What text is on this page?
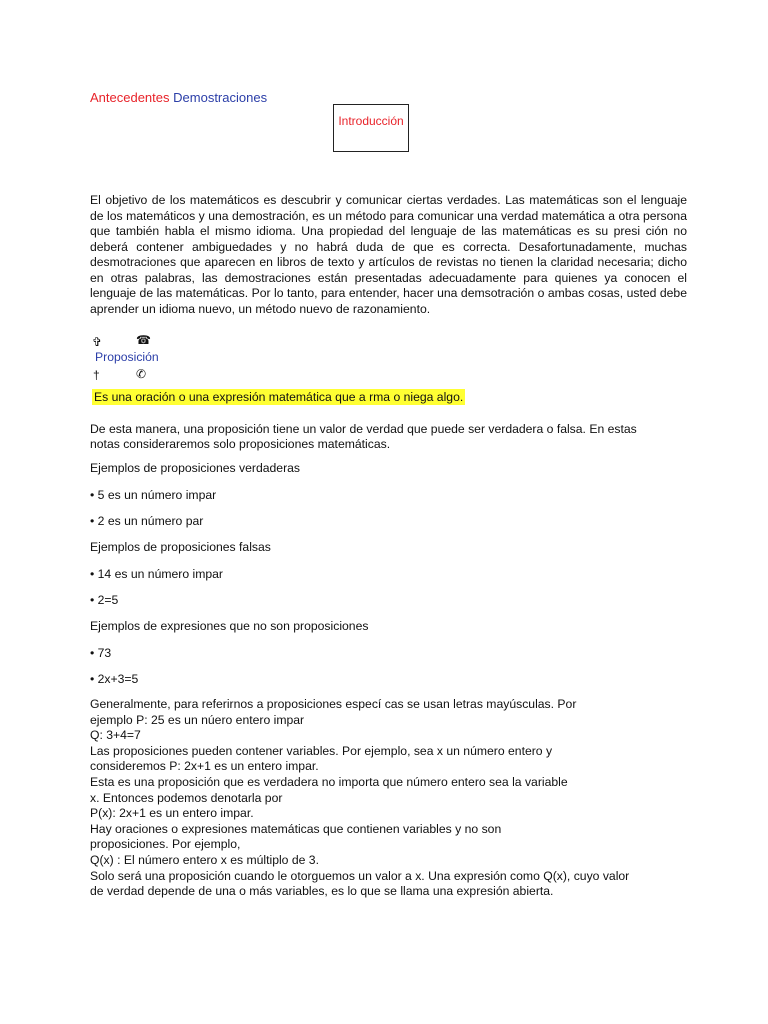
Antecedentes Demostraciones
Introducción
El objetivo de los matemáticos es descubrir y comunicar ciertas verdades. Las matemáticas son el lenguaje de los matemáticos y una demostración, es un método para comunicar una verdad matemática a otra persona que también habla el mismo idioma. Una propiedad del lenguaje de las matemáticas es su presi ción no deberá contener ambiguedades y no habrá duda de que es correcta. Desafortunadamente, muchas desmotraciones que aparecen en libros de texto y artículos de revistas no tienen la claridad necesaria; dicho en otras palabras, las demostraciones están presentadas adecuadamente para quienes ya conocen el lenguaje de las matemáticas. Por lo tanto, para entender, hacer una demsotración o ambas cosas, usted debe aprender un idioma nuevo, un método nuevo de razonamiento.
✞	☎
Proposición
†	✆
Es una oración o una expresión matemática que a rma o niega algo.
De esta manera, una proposición tiene un valor de verdad que puede ser verdadera o falsa. En estas
notas consideraremos solo proposiciones matemáticas.
Ejemplos de proposiciones verdaderas
• 5 es un número impar
• 2 es un número par
Ejemplos de proposiciones falsas
• 14 es un número impar
• 2=5
Ejemplos de expresiones que no son proposiciones
• 73
• 2x+3=5
Generalmente, para referirnos a proposiciones especí cas se usan letras mayúsculas. Por
ejemplo P: 25 es un núero entero impar
Q: 3+4=7
Las proposiciones pueden contener variables. Por ejemplo, sea x un número entero y
consideremos P: 2x+1 es un entero impar.
Esta es una proposición que es verdadera no importa que número entero sea la variable
x. Entonces podemos denotarla por
P(x): 2x+1 es un entero impar.
Hay oraciones o expresiones matemáticas que contienen variables y no son
proposiciones. Por ejemplo,
Q(x) : El número entero x es múltiplo de 3.
Solo será una proposición cuando le otorguemos un valor a x. Una expresión como Q(x), cuyo valor
de verdad depende de una o más variables, es lo que se llama una expresión abierta.
